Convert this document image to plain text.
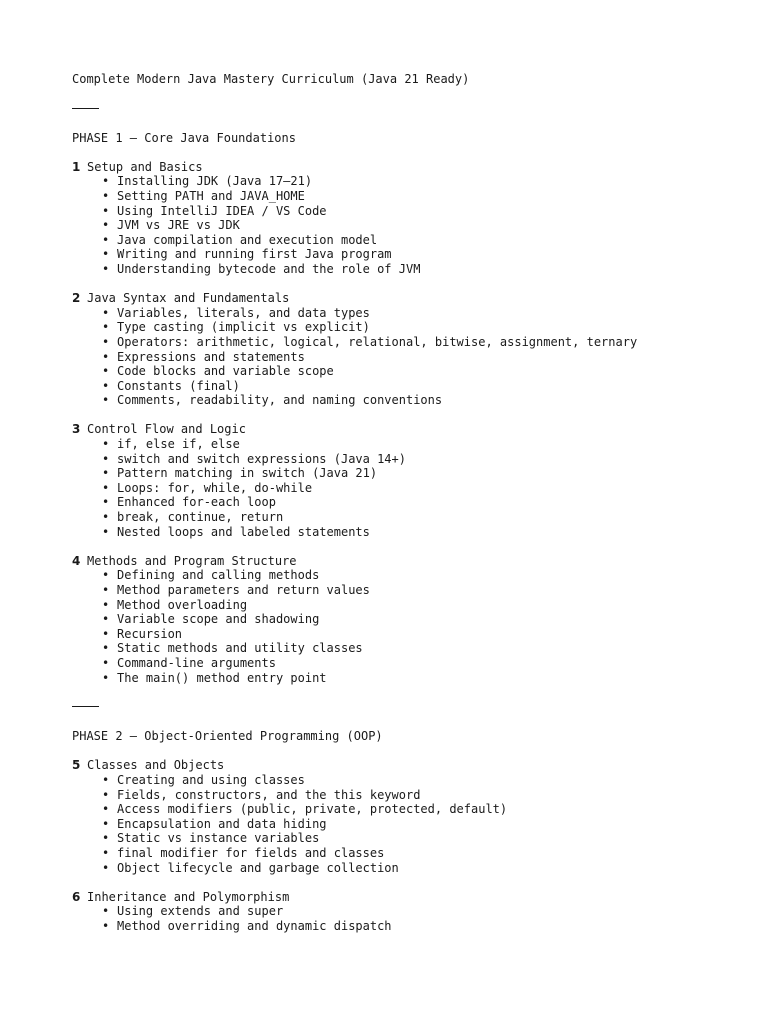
Complete Modern Java Mastery Curriculum (Java 21 Ready)
PHASE 1 — Core Java Foundations
1 Setup and Basics
• Installing JDK (Java 17–21)
• Setting PATH and JAVA_HOME
• Using IntelliJ IDEA / VS Code
• JVM vs JRE vs JDK
• Java compilation and execution model
• Writing and running first Java program
• Understanding bytecode and the role of JVM
2 Java Syntax and Fundamentals
• Variables, literals, and data types
• Type casting (implicit vs explicit)
• Operators: arithmetic, logical, relational, bitwise, assignment, ternary
• Expressions and statements
• Code blocks and variable scope
• Constants (final)
• Comments, readability, and naming conventions
3 Control Flow and Logic
• if, else if, else
• switch and switch expressions (Java 14+)
• Pattern matching in switch (Java 21)
• Loops: for, while, do-while
• Enhanced for-each loop
• break, continue, return
• Nested loops and labeled statements
4 Methods and Program Structure
• Defining and calling methods
• Method parameters and return values
• Method overloading
• Variable scope and shadowing
• Recursion
• Static methods and utility classes
• Command-line arguments
• The main() method entry point
PHASE 2 — Object-Oriented Programming (OOP)
5 Classes and Objects
• Creating and using classes
• Fields, constructors, and the this keyword
• Access modifiers (public, private, protected, default)
• Encapsulation and data hiding
• Static vs instance variables
• final modifier for fields and classes
• Object lifecycle and garbage collection
6 Inheritance and Polymorphism
• Using extends and super
• Method overriding and dynamic dispatch
